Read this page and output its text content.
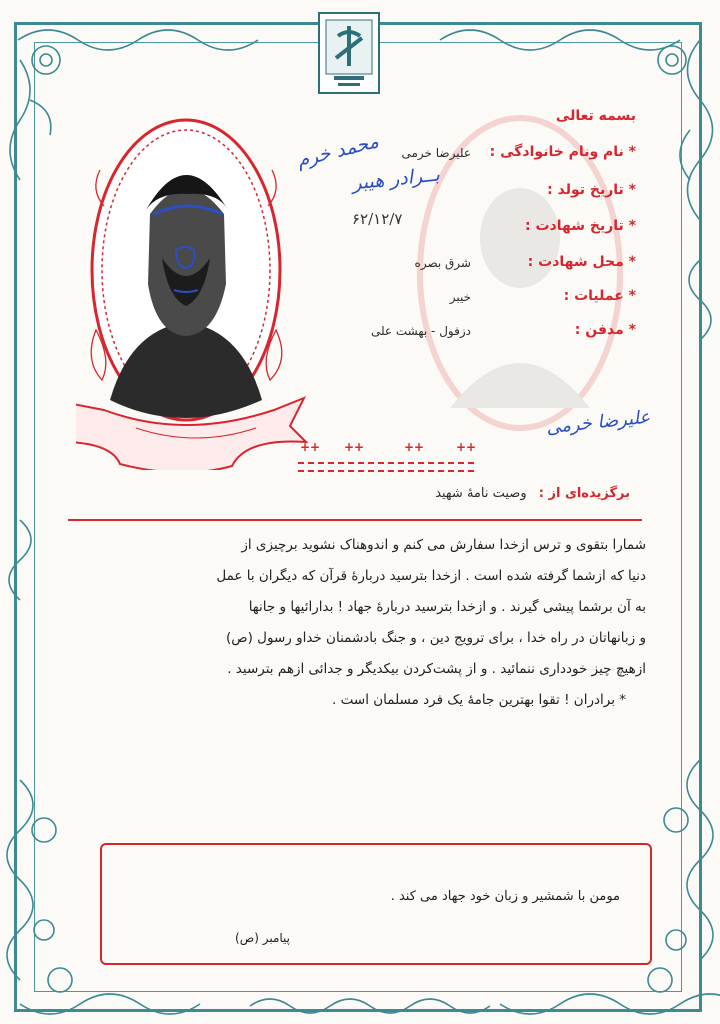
بسمه تعالی
* نام ونام خانوادگی :
علیرضا خرمی
* تاریخ تولد :
* تاریخ شهادت :
* محل شهادت :
شرق بصره
* عملیات :
خیبر
* مدفن :
دزفول - بهشت علی
محمد خرم
بــرادر هیبر
۶۲/۱۲/۷
علیرضا خرمی
++ ++	++	++
برگزیده‌ای از : وصیت نامهٔ شهید

شمارا بتقوی و ترس ازخدا سفارش می کنم و اندوهناک نشوید برچیزی از

دنیا که ازشما گرفته شده است . ازخدا بترسید دربارهٔ قرآن که دیگران با عمل

به آن برشما پیشی گیرند . و ازخدا بترسید دربارهٔ جهاد ! بدارائیها و جانها

و زبانهاتان در راه خدا ، برای ترویج دین ، و جنگ بادشمنان خداو رسول (ص)

ازهیچ چیز خودداری ننمائید . و از پشت‌کردن بیکدیگر و جدائی ازهم بترسید .

* برادران ! تقوا بهترین جامهٔ یک فرد مسلمان است .

مومن با شمشیر و زبان خود جهاد می کند .
پیامبر (ص)
